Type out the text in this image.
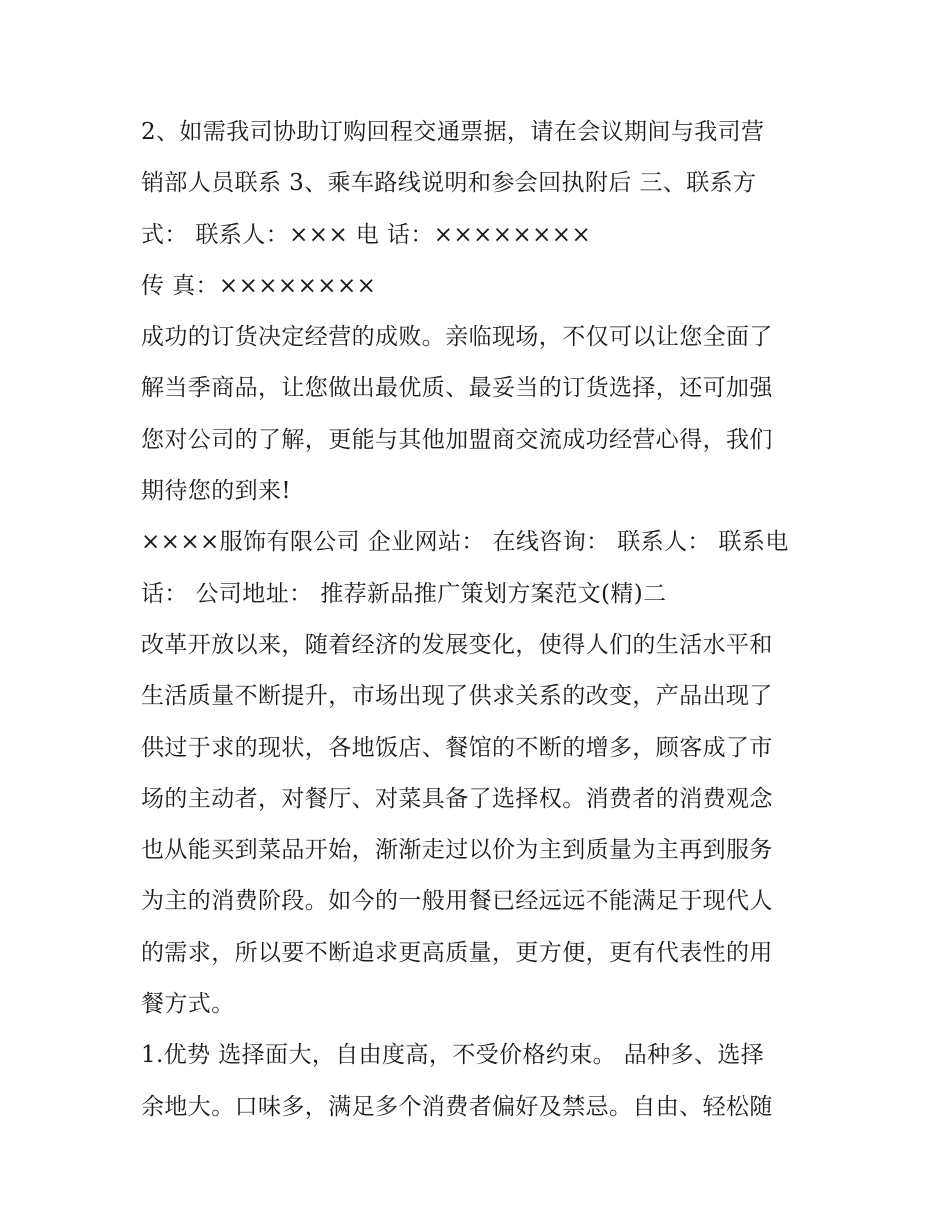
2、如需我司协助订购回程交通票据，请在会议期间与我司营
销部人员联系 3、乘车路线说明和参会回执附后 三、联系方
式： 联系人：××× 电 话：××××××××
传 真：××××××××
成功的订货决定经营的成败。亲临现场，不仅可以让您全面了
解当季商品，让您做出最优质、最妥当的订货选择，还可加强
您对公司的了解，更能与其他加盟商交流成功经营心得，我们
期待您的到来!
××××服饰有限公司 企业网站： 在线咨询： 联系人： 联系电
话： 公司地址： 推荐新品推广策划方案范文(精)二
改革开放以来，随着经济的发展变化，使得人们的生活水平和
生活质量不断提升，市场出现了供求关系的改变，产品出现了
供过于求的现状，各地饭店、餐馆的不断的增多，顾客成了市
场的主动者，对餐厅、对菜具备了选择权。消费者的消费观念
也从能买到菜品开始，渐渐走过以价为主到质量为主再到服务
为主的消费阶段。如今的一般用餐已经远远不能满足于现代人
的需求，所以要不断追求更高质量，更方便，更有代表性的用
餐方式。
1.优势 选择面大，自由度高，不受价格约束。 品种多、选择
余地大。口味多，满足多个消费者偏好及禁忌。自由、轻松随
